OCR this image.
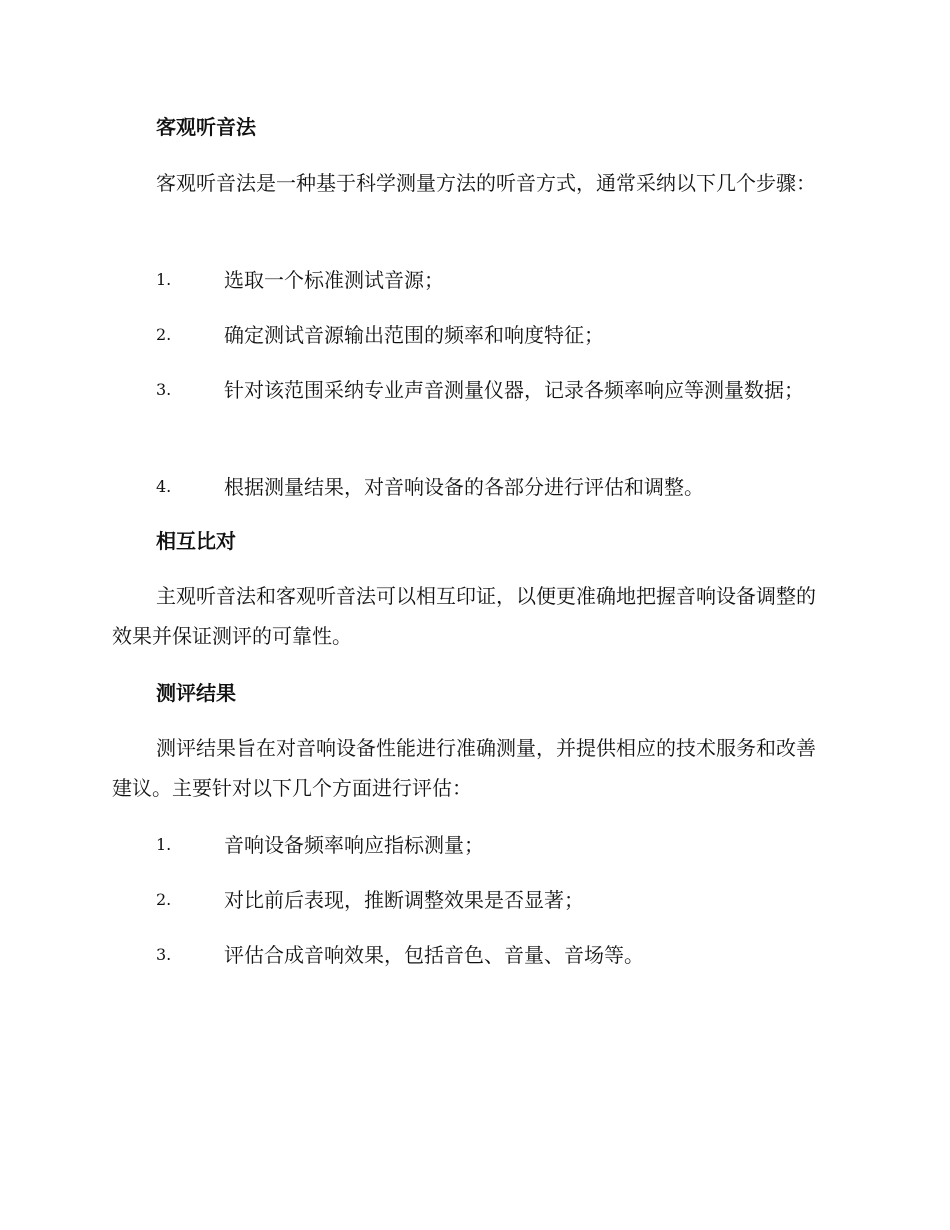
客观听音法

客观听音法是一种基于科学测量方法的听音方式，通常采纳以下几个步骤：

1.	选取一个标准测试音源；
2.	确定测试音源输出范围的频率和响度特征；
3.	针对该范围采纳专业声音测量仪器，记录各频率响应等测量数据；
4.	根据测量结果，对音响设备的各部分进行评估和调整。
相互比对

主观听音法和客观听音法可以相互印证，以便更准确地把握音响设备调整的效果并保证测评的可靠性。

测评结果

测评结果旨在对音响设备性能进行准确测量，并提供相应的技术服务和改善建议。主要针对以下几个方面进行评估：

1.	音响设备频率响应指标测量；
2.	对比前后表现，推断调整效果是否显著；
3.	评估合成音响效果，包括音色、音量、音场等。
